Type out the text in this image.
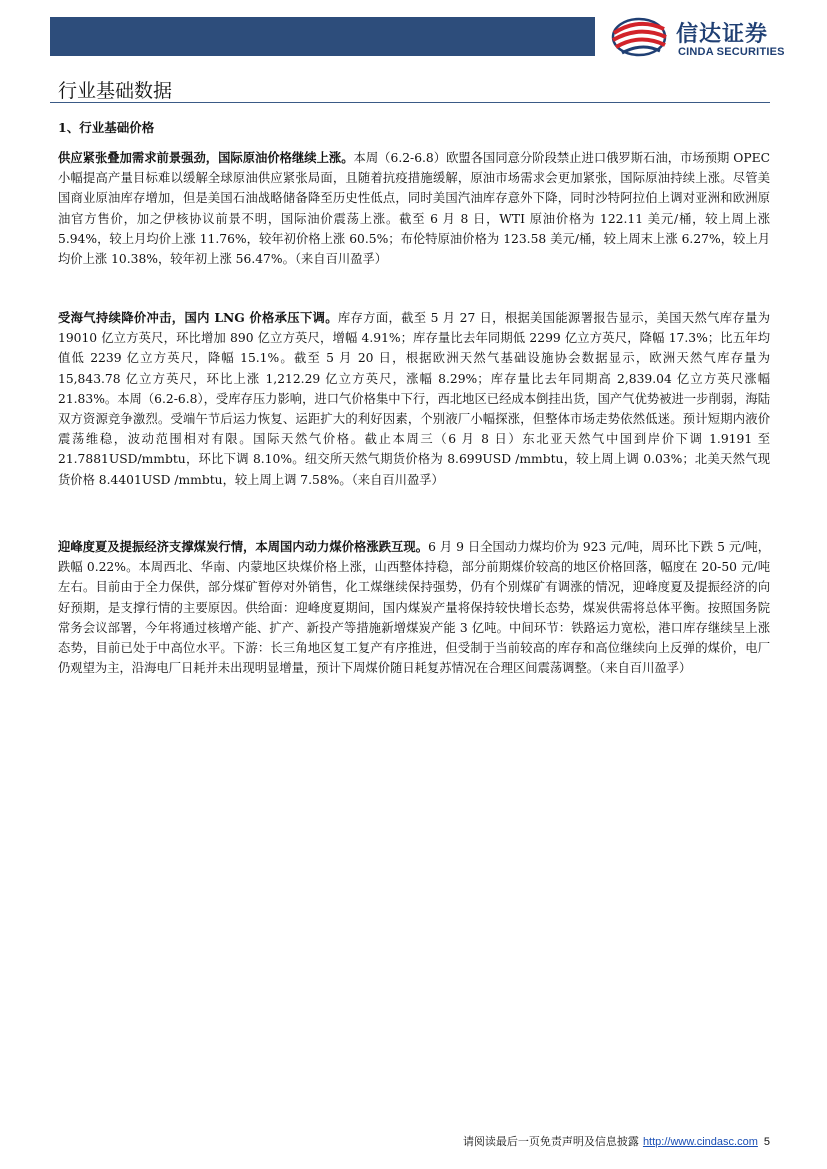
信达证券
CINDA SECURITIES
行业基础数据
1、行业基础价格
供应紧张叠加需求前景强劲，国际原油价格继续上涨。本周（6.2-6.8）欧盟各国同意分阶段禁止进口俄罗斯石油，市场预期 OPEC 小幅提高产量目标难以缓解全球原油供应紧张局面，且随着抗疫措施缓解，原油市场需求会更加紧张，国际原油持续上涨。尽管美国商业原油库存增加，但是美国石油战略储备降至历史性低点，同时美国汽油库存意外下降，同时沙特阿拉伯上调对亚洲和欧洲原油官方售价，加之伊核协议前景不明，国际油价震荡上涨。截至 6 月 8 日，WTI 原油价格为 122.11 美元/桶，较上周上涨 5.94%，较上月均价上涨 11.76%，较年初价格上涨 60.5%；布伦特原油价格为 123.58 美元/桶，较上周末上涨 6.27%，较上月均价上涨 10.38%，较年初上涨 56.47%。（来自百川盈孚）
受海气持续降价冲击，国内 LNG 价格承压下调。库存方面，截至 5 月 27 日，根据美国能源署报告显示，美国天然气库存量为 19010 亿立方英尺，环比增加 890 亿立方英尺，增幅 4.91%；库存量比去年同期低 2299 亿立方英尺，降幅 17.3%；比五年均值低 2239 亿立方英尺，降幅 15.1%。截至 5 月 20 日，根据欧洲天然气基础设施协会数据显示，欧洲天然气库存量为 15,843.78 亿立方英尺，环比上涨 1,212.29 亿立方英尺，涨幅 8.29%；库存量比去年同期高 2,839.04 亿立方英尺涨幅 21.83%。本周（6.2-6.8），受库存压力影响，进口气价格集中下行，西北地区已经成本倒挂出货，国产气优势被进一步削弱，海陆双方资源竞争激烈。受端午节后运力恢复、运距扩大的利好因素，个别液厂小幅探涨，但整体市场走势依然低迷。预计短期内液价震荡维稳，波动范围相对有限。国际天然气价格。截止本周三（6 月 8 日）东北亚天然气中国到岸价下调 1.9191 至 21.7881USD/mmbtu，环比下调 8.10%。纽交所天然气期货价格为 8.699USD /mmbtu，较上周上调 0.03%；北美天然气现货价格 8.4401USD /mmbtu，较上周上调 7.58%。（来自百川盈孚）
迎峰度夏及提振经济支撑煤炭行情，本周国内动力煤价格涨跌互现。6 月 9 日全国动力煤均价为 923 元/吨，周环比下跌 5 元/吨，跌幅 0.22%。本周西北、华南、内蒙地区块煤价格上涨，山西整体持稳，部分前期煤价较高的地区价格回落，幅度在 20-50 元/吨左右。目前由于全力保供，部分煤矿暂停对外销售，化工煤继续保持强势，仍有个别煤矿有调涨的情况，迎峰度夏及提振经济的向好预期，是支撑行情的主要原因。供给面：迎峰度夏期间，国内煤炭产量将保持较快增长态势，煤炭供需将总体平衡。按照国务院常务会议部署，今年将通过核增产能、扩产、新投产等措施新增煤炭产能 3 亿吨。中间环节：铁路运力宽松，港口库存继续呈上涨态势，目前已处于中高位水平。下游：长三角地区复工复产有序推进，但受制于当前较高的库存和高位继续向上反弹的煤价，电厂仍观望为主，沿海电厂日耗并未出现明显增量，预计下周煤价随日耗复苏情况在合理区间震荡调整。（来自百川盈孚）
请阅读最后一页免责声明及信息披露 http://www.cindasc.com 5
